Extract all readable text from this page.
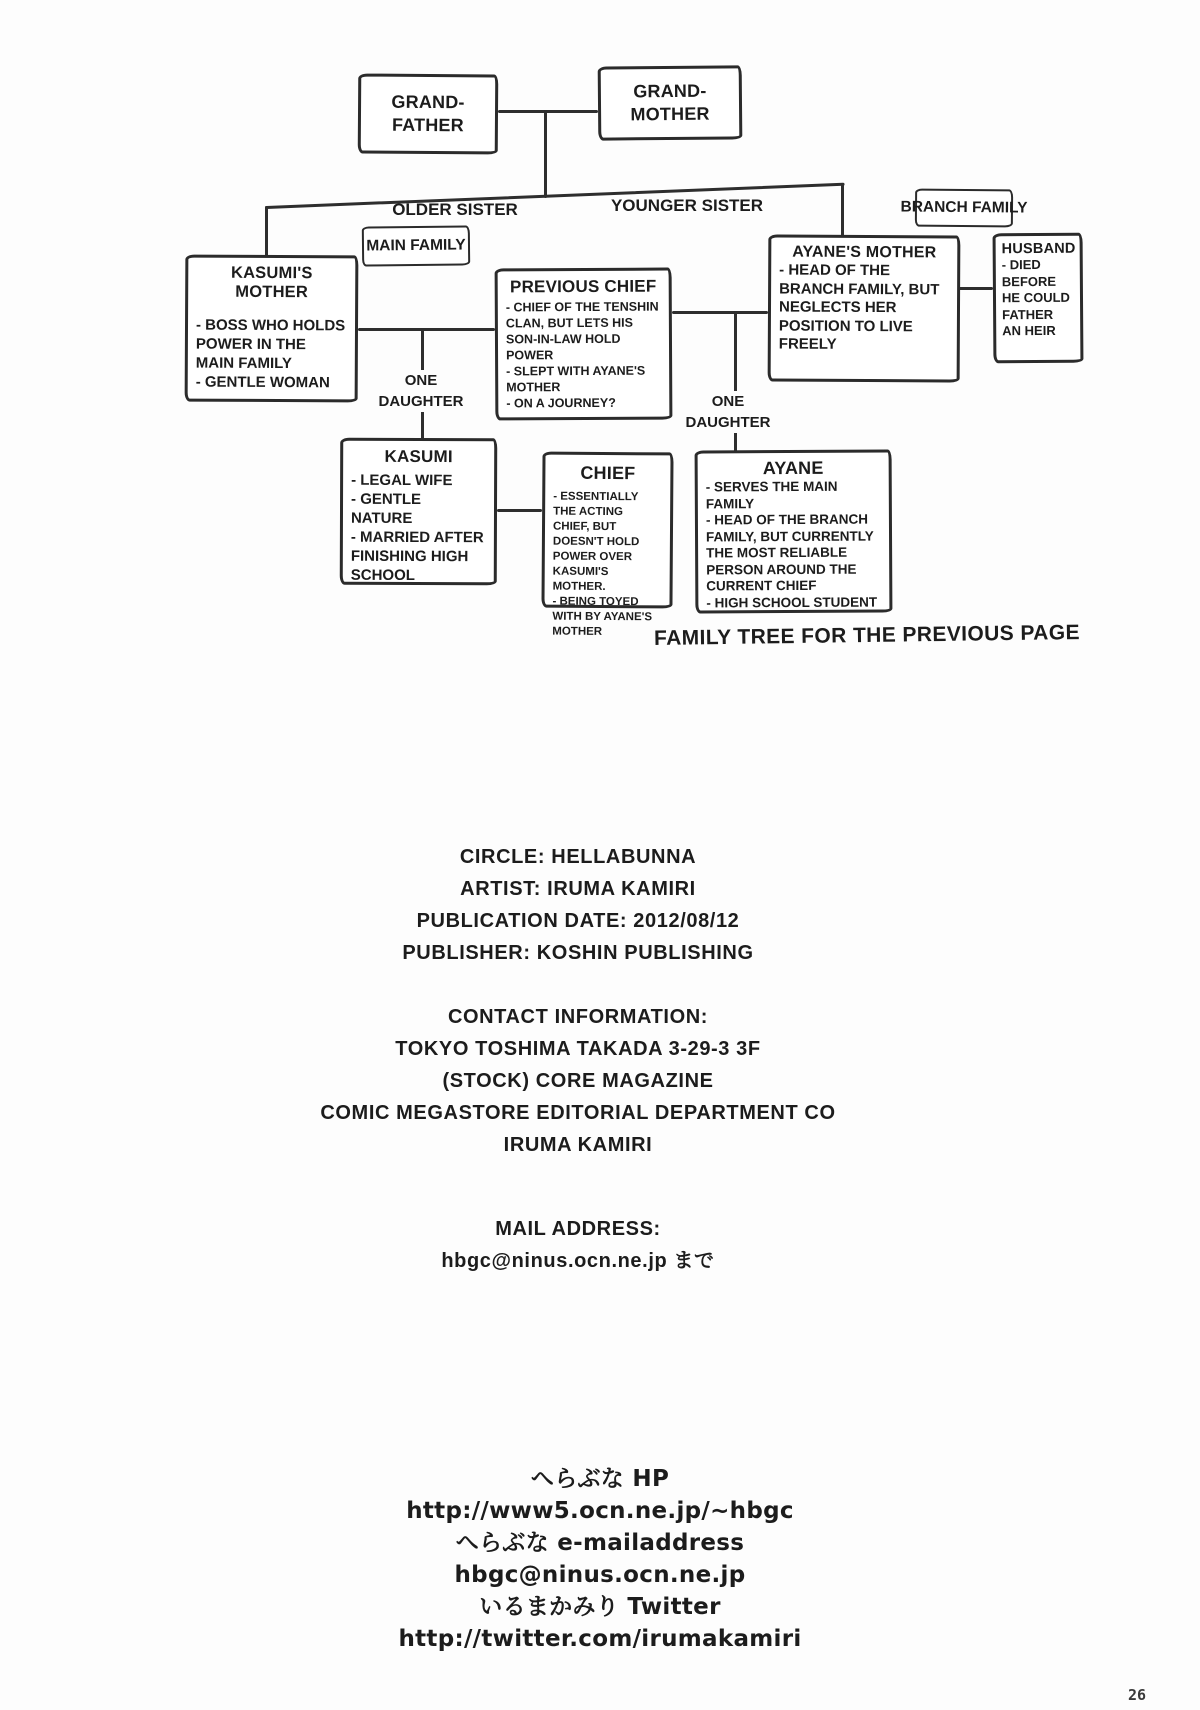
OLDER SISTER	YOUNGER SISTER
ONE
DAUGHTER	ONE
DAUGHTER
MAIN FAMILY
BRANCH FAMILY
GRAND-
FATHER
GRAND-
MOTHER
KASUMI'S MOTHER
- BOSS WHO HOLDS POWER IN THE MAIN FAMILY
- GENTLE WOMAN
PREVIOUS CHIEF
- CHIEF OF THE TENSHIN CLAN, BUT LETS HIS SON-IN-LAW HOLD POWER
- SLEPT WITH AYANE'S MOTHER
- ON A JOURNEY?
AYANE'S MOTHER
- HEAD OF THE BRANCH FAMILY, BUT NEGLECTS HER POSITION TO LIVE FREELY
HUSBAND
- DIED BEFORE HE COULD FATHER AN HEIR
KASUMI
- LEGAL WIFE
- GENTLE NATURE
- MARRIED AFTER FINISHING HIGH SCHOOL
CHIEF
- ESSENTIALLY THE ACTING CHIEF, BUT DOESN'T HOLD POWER OVER KASUMI'S MOTHER.
- BEING TOYED WITH BY AYANE'S MOTHER
AYANE
- SERVES THE MAIN FAMILY
- HEAD OF THE BRANCH FAMILY, BUT CURRENTLY THE MOST RELIABLE PERSON AROUND THE CURRENT CHIEF
- HIGH SCHOOL STUDENT
FAMILY TREE FOR THE PREVIOUS PAGE
CIRCLE: HELLABUNNA
ARTIST: IRUMA KAMIRI
PUBLICATION DATE: 2012/08/12
PUBLISHER: KOSHIN PUBLISHING
CONTACT INFORMATION:
TOKYO TOSHIMA TAKADA 3-29-3 3F
(STOCK) CORE MAGAZINE
COMIC MEGASTORE EDITORIAL DEPARTMENT CO
IRUMA KAMIRI
MAIL ADDRESS:
hbgc@ninus.ocn.ne.jp まで
へらぶな HP
http://www5.ocn.ne.jp/~hbgc
へらぶな e-mailaddress
hbgc@ninus.ocn.ne.jp
いるまかみり Twitter
http://twitter.com/irumakamiri
26
